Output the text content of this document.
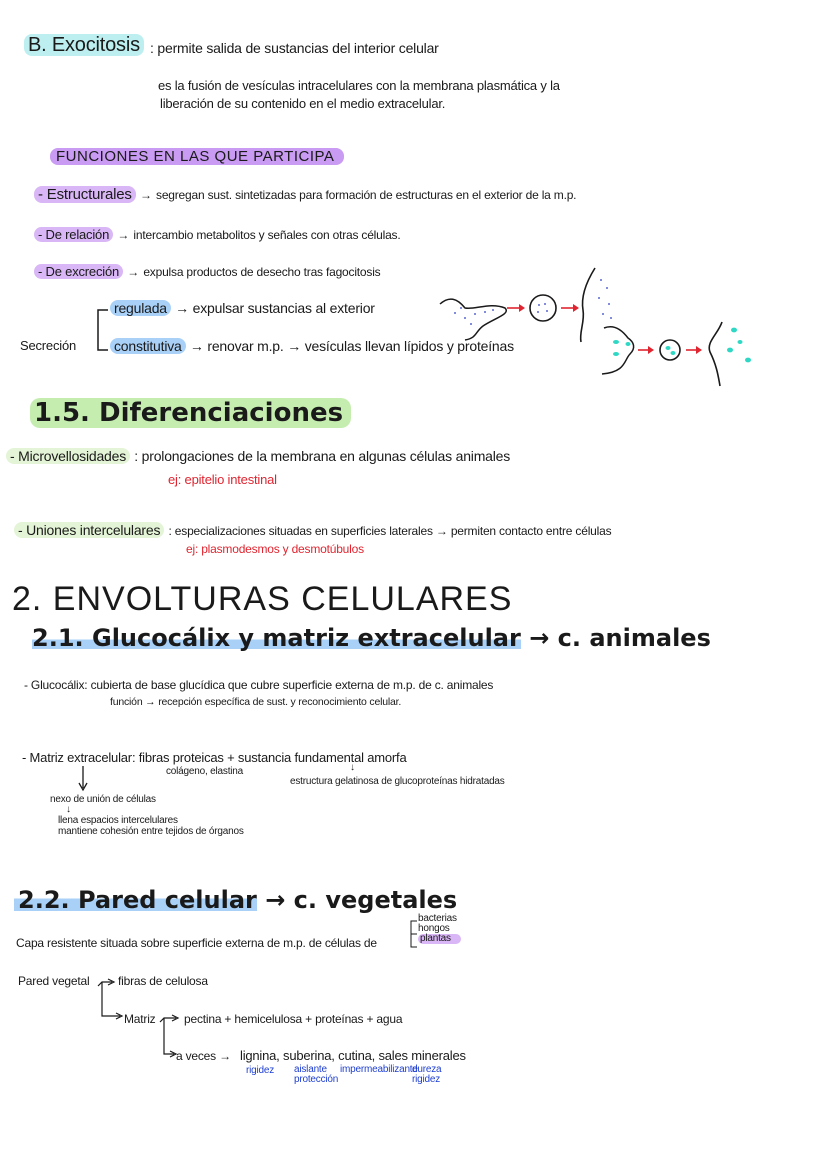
B. Exocitosis : permite salida de sustancias del interior celular
es la fusión de vesículas intracelulares con la membrana plasmática y la
liberación de su contenido en el medio extracelular.
FUNCIONES EN LAS QUE PARTICIPA
- Estructurales → segregan sust. sintetizadas para formación de estructuras en el exterior de la m.p.
- De relación → intercambio metabolitos y señales con otras células.
- De excreción → expulsa productos de desecho tras fagocitosis
Secreción
regulada → expulsar sustancias al exterior
constitutiva → renovar m.p. → vesículas llevan lípidos y proteínas
1.5. Diferenciaciones
- Microvellosidades : prolongaciones de la membrana en algunas células animales
ej: epitelio intestinal
- Uniones intercelulares : especializaciones situadas en superficies laterales → permiten contacto entre células
ej: plasmodesmos y desmotúbulos
2. ENVOLTURAS CELULARES
2.1. Glucocálix y matriz extracelular → c. animales
- Glucocálix: cubierta de base glucídica que cubre superficie externa de m.p. de c. animales
función → recepción específica de sust. y reconocimiento celular.
- Matriz extracelular: fibras proteicas + sustancia fundamental amorfa
colágeno, elastina	↓
estructura gelatinosa de glucoproteínas hidratadas
nexo de unión de células
↓
llena espacios intercelulares
mantiene cohesión entre tejidos de órganos
2.2. Pared celular → c. vegetales
Capa resistente situada sobre superficie externa de m.p. de células de
bacterias
hongos
plantas
Pared vegetal fibras de celulosa
Matriz pectina + hemicelulosa + proteínas + agua
a veces → lignina, suberina, cutina, sales minerales
rigidez aislante
protección
impermeabilizante
dureza
rigidez
